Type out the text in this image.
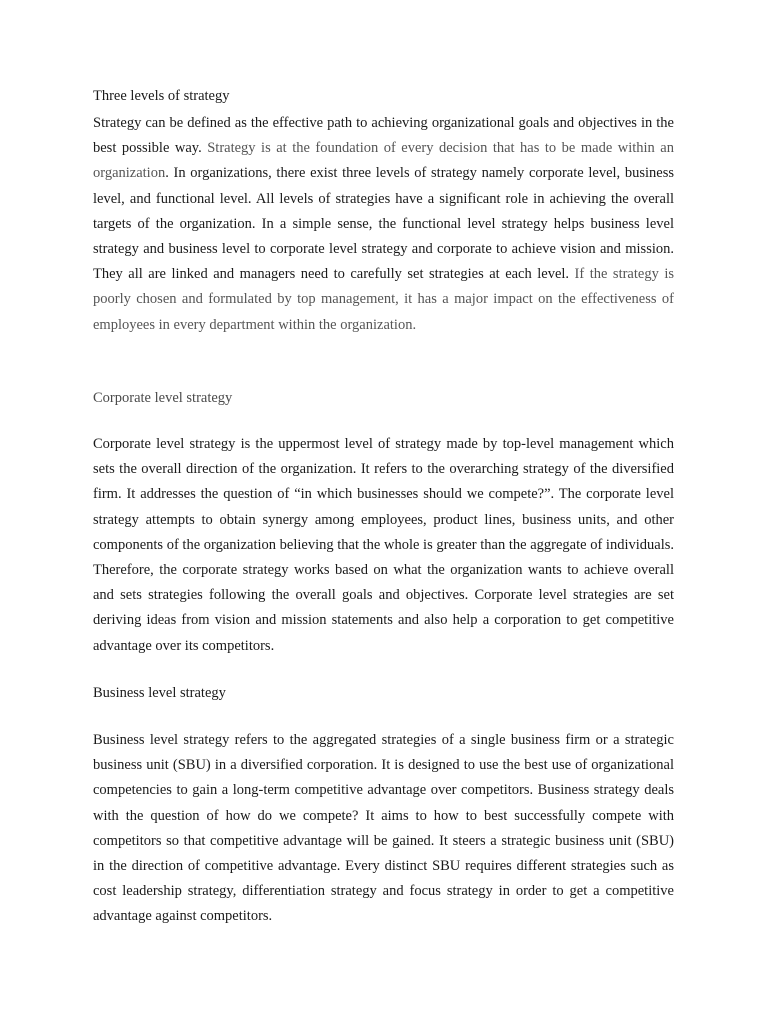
Three levels of strategy

Strategy can be defined as the effective path to achieving organizational goals and objectives in the best possible way. Strategy is at the foundation of every decision that has to be made within an organization. In organizations, there exist three levels of strategy namely corporate level, business level, and functional level. All levels of strategies have a significant role in achieving the overall targets of the organization. In a simple sense, the functional level strategy helps business level strategy and business level to corporate level strategy and corporate to achieve vision and mission. They all are linked and managers need to carefully set strategies at each level. If the strategy is poorly chosen and formulated by top management, it has a major impact on the effectiveness of employees in every department within the organization.

Corporate level strategy

Corporate level strategy is the uppermost level of strategy made by top-level management which sets the overall direction of the organization. It refers to the overarching strategy of the diversified firm. It addresses the question of “in which businesses should we compete?”. The corporate level strategy attempts to obtain synergy among employees, product lines, business units, and other components of the organization believing that the whole is greater than the aggregate of individuals. Therefore, the corporate strategy works based on what the organization wants to achieve overall and sets strategies following the overall goals and objectives. Corporate level strategies are set deriving ideas from vision and mission statements and also help a corporation to get competitive advantage over its competitors.

Business level strategy

Business level strategy refers to the aggregated strategies of a single business firm or a strategic business unit (SBU) in a diversified corporation. It is designed to use the best use of organizational competencies to gain a long-term competitive advantage over competitors. Business strategy deals with the question of how do we compete? It aims to how to best successfully compete with competitors so that competitive advantage will be gained. It steers a strategic business unit (SBU) in the direction of competitive advantage. Every distinct SBU requires different strategies such as cost leadership strategy, differentiation strategy and focus strategy in order to get a competitive advantage against competitors.
